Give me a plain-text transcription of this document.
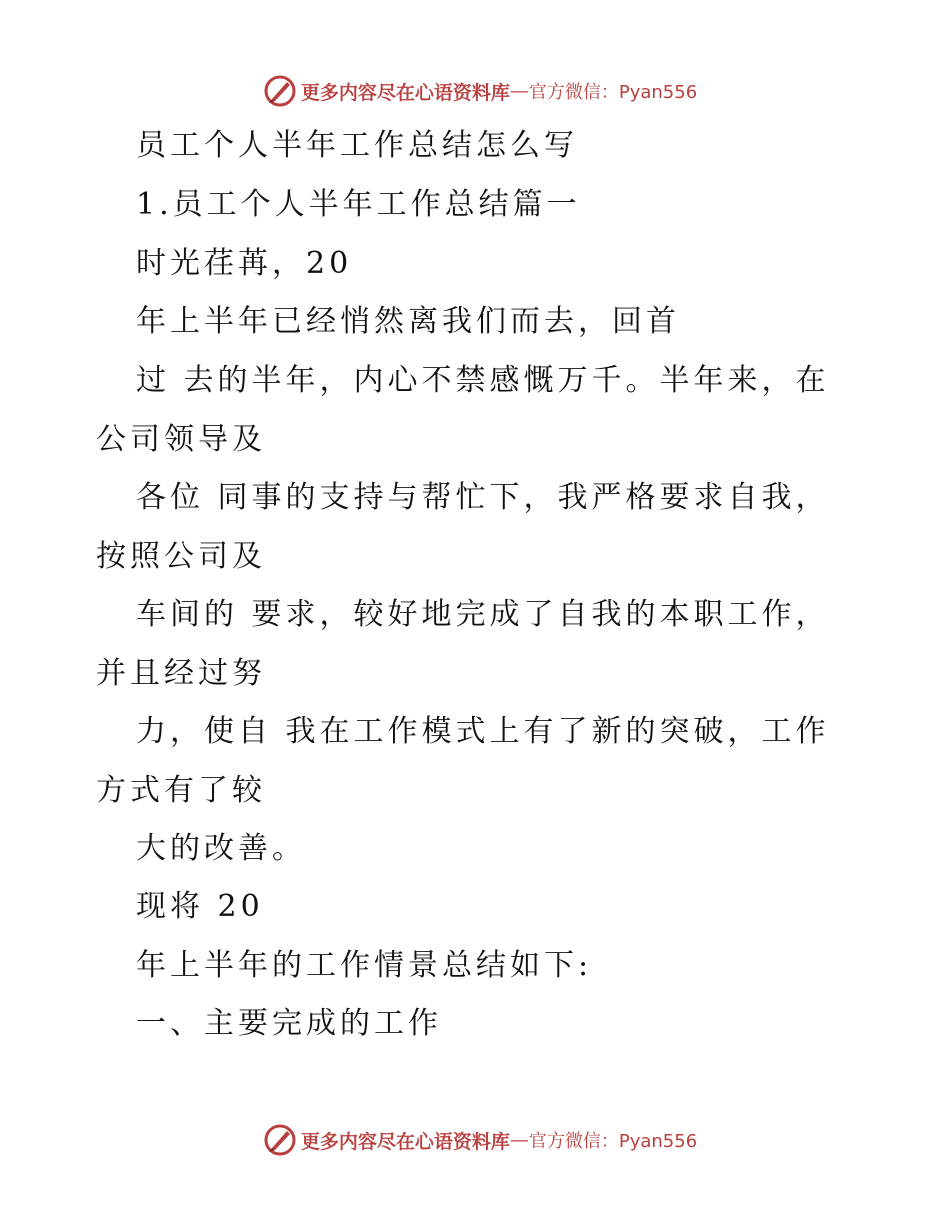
更多内容尽在心语资料库 — 官方微信：Pyan556
员工个人半年工作总结怎么写
1.员工个人半年工作总结篇一
时光荏苒，20
年上半年已经悄然离我们而去，回首
过 去的半年，内心不禁感慨万千。半年来，在
公司领导及
各位 同事的支持与帮忙下，我严格要求自我，
按照公司及
车间的 要求，较好地完成了自我的本职工作，
并且经过努
力，使自 我在工作模式上有了新的突破，工作
方式有了较
大的改善。
现将 20
年上半年的工作情景总结如下:
一、主要完成的工作
更多内容尽在心语资料库 — 官方微信：Pyan556
